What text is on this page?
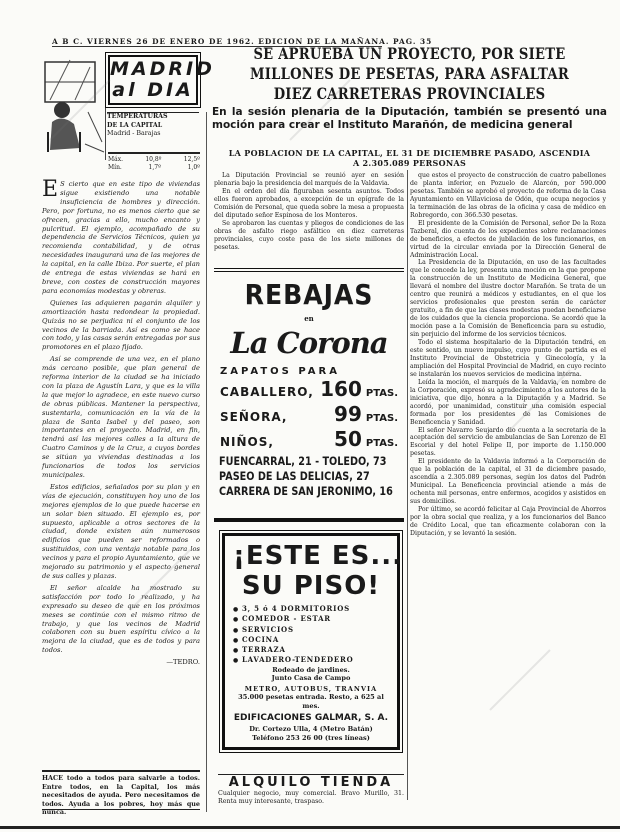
A B C. VIERNES 26 DE ENERO DE 1962. EDICION DE LA MAÑANA. PAG. 35
MADRID
al DIA
TEMPERATURAS
DE LA CAPITAL
Madrid - Barajas
Máx.	10,8º	12,5º
Mín.	1,7º	1,0º

E S cierto que en este tipo de viviendas sigue existiendo una notable insuficiencia de hombres y dirección. Pero, por fortuna, no es menos cierto que se ofrecen, gracias a ello, mucho encanto y pulcritud. El ejemplo, acompañado de su dependencia de Servicios Técnicos, quien ya recomienda contabilidad, y de otras necesidades inaugurará una de las mejores de la capital, en la calle Ibiza. Por suerte, el plan de entrega de estas viviendas se hará en breve, con costes de construcción mayores para economías modestas y obreras.

Quienes las adquieren pagarán alquiler y amortización hasta redondear la propiedad. Quizás no se perjudica ni el conjunto de los vecinos de la barriada. Así es como se hace con todo, y las casas serán entregadas por sus promotores en el plazo fijado.

Así se comprende de una vez, en el plano más cercano posible, que plan general de reforma interior de la ciudad se ha iniciado con la plaza de Agustín Lara, y que es la villa la que mejor lo agradece, en este nuevo curso de obras públicas. Mantener la perspectiva, sustentarla, comunicación en la vía de la plaza de Santa Isabel y del paseo, son importantes en el proyecto. Madrid, en fin, tendrá así las mejores calles a la altura de Cuatro Caminos y de la Cruz, a cuyos bordes se sitúan ya viviendas destinadas a los funcionarios de todos los servicios municipales.

Estos edificios, señalados por su plan y en vías de ejecución, constituyen hoy uno de los mejores ejemplos de lo que puede hacerse en un solar bien situado. El ejemplo es, por supuesto, aplicable a otros sectores de la ciudad, donde existen aún numerosos edificios que pueden ser reformados o sustituidos, con una ventaja notable para los vecinos y para el propio Ayuntamiento, que ve mejorado su patrimonio y el aspecto general de sus calles y plazas.

El señor alcalde ha mostrado su satisfacción por todo lo realizado, y ha expresado su deseo de que en los próximos meses se continúe con el mismo ritmo de trabajo, y que los vecinos de Madrid colaboren con su buen espíritu cívico a la mejora de la ciudad, que es de todos y para todos.

—TEDRO.

HACE todo a todos para salvarle a todos. Entre todos, en la Capital, los más necesitados de ayuda. Pero necesitamos de todos. Ayuda a los pobres, hoy más que nunca.
SE APRUEBA UN PROYECTO, POR SIETE
MILLONES DE PESETAS, PARA ASFALTAR
DIEZ CARRETERAS PROVINCIALES
En la sesión plenaria de la Diputación, también se presentó una moción para crear el Instituto Marañón, de medicina general
LA POBLACION DE LA CAPITAL, EL 31 DE DICIEMBRE PASADO, ASCENDIA
A 2.305.089 PERSONAS

La Diputación Provincial se reunió ayer en sesión plenaria bajo la presidencia del marqués de la Valdavia.

En el orden del día figuraban sesenta asuntos. Todos ellos fueron aprobados, a excepción de un epígrafe de la Comisión de Personal, que queda sobre la mesa a propuesta del diputado señor Espinosa de los Monteros.

Se aprobaron las cuentas y pliegos de condiciones de las obras de asfalto riego asfáltico en diez carreteras provinciales, cuyo coste pasa de los siete millones de pesetas.

REBAJAS
en
La Corona
ZAPATOS PARA
CABALLERO, 160 PTAS.
SEÑORA, 99 PTAS.
NIÑOS,	50 PTAS.
FUENCARRAL, 21 - TOLEDO, 73
PASEO DE LAS DELICIAS, 27
CARRERA DE SAN JERONIMO, 16
¡ESTE ES...
SU PISO!
● 3, 5 ó 4 DORMITORIOS
● COMEDOR - ESTAR
● SERVICIOS
● COCINA
● TERRAZA
● LAVADERO-TENDEDERO
Rodeado de jardines.
Junto Casa de Campo
METRO, AUTOBUS, TRANVIA
35.000 pesetas entrada. Resto, a 625 al mes.
EDIFICACIONES GALMAR, S. A.
Dr. Cortezo Ulla, 4 (Metro Batán)
Teléfono 253 26 00 (tres líneas)
ALQUILO TIENDA
Cualquier negocio, muy comercial. Bravo Murillo, 31. Renta muy interesante, traspaso.

que estos el proyecto de construcción de cuatro pabellones de planta inferior, en Pozuelo de Alarcón, por 590.000 pesetas. También se aprobó el proyecto de reforma de la Casa Ayuntamiento en Villaviciosa de Odón, que ocupa negocios y la terminación de las obras de la oficina y casa de médico en Robregordo, con 366.530 pesetas.

El presidente de la Comisión de Personal, señor De la Roza Tazberal, dio cuenta de los expedientes sobre reclamaciones de beneficios, a efectos de jubilación de los funcionarios, en virtud de la circular enviada por la Dirección General de Administración Local.

La Presidencia de la Diputación, en uso de las facultades que le concede la ley, presenta una moción en la que propone la construcción de un Instituto de Medicina General, que llevará el nombre del ilustre doctor Marañón. Se trata de un centro que reunirá a médicos y estudiantes, en el que los servicios profesionales que presten serán de carácter gratuito, a fin de que las clases modestas puedan beneficiarse de los cuidados que la ciencia proporciona. Se acordó que la moción pase a la Comisión de Beneficencia para su estudio, sin perjuicio del informe de los servicios técnicos.

Todo el sistema hospitalario de la Diputación tendrá, en este sentido, un nuevo impulso, cuyo punto de partida es el Instituto Provincial de Obstetricia y Ginecología, y la ampliación del Hospital Provincial de Madrid, en cuyo recinto se instalarán los nuevos servicios de medicina interna.

Leída la moción, el marqués de la Valdavia, en nombre de la Corporación, expresó su agradecimiento a los autores de la iniciativa, que dijo, honra a la Diputación y a Madrid. Se acordó, por unanimidad, constituir una comisión especial formada por los presidentes de las Comisiones de Beneficencia y Sanidad.

El señor Navarro Seujardo dio cuenta a la secretaría de la aceptación del servicio de ambulancias de San Lorenzo de El Escorial y del hotel Felipe II, por importe de 1.150.000 pesetas.

El presidente de la Valdavia informó a la Corporación de que la población de la capital, el 31 de diciembre pasado, ascendía a 2.305.089 personas, según los datos del Padrón Municipal. La Beneficencia provincial atiende a más de ochenta mil personas, entre enfermos, acogidos y asistidos en sus domicilios.

Por último, se acordó felicitar al Caja Provincial de Ahorros por la obra social que realiza, y a los funcionarios del Banco de Crédito Local, que tan eficazmente colaboran con la Diputación, y se levantó la sesión.
